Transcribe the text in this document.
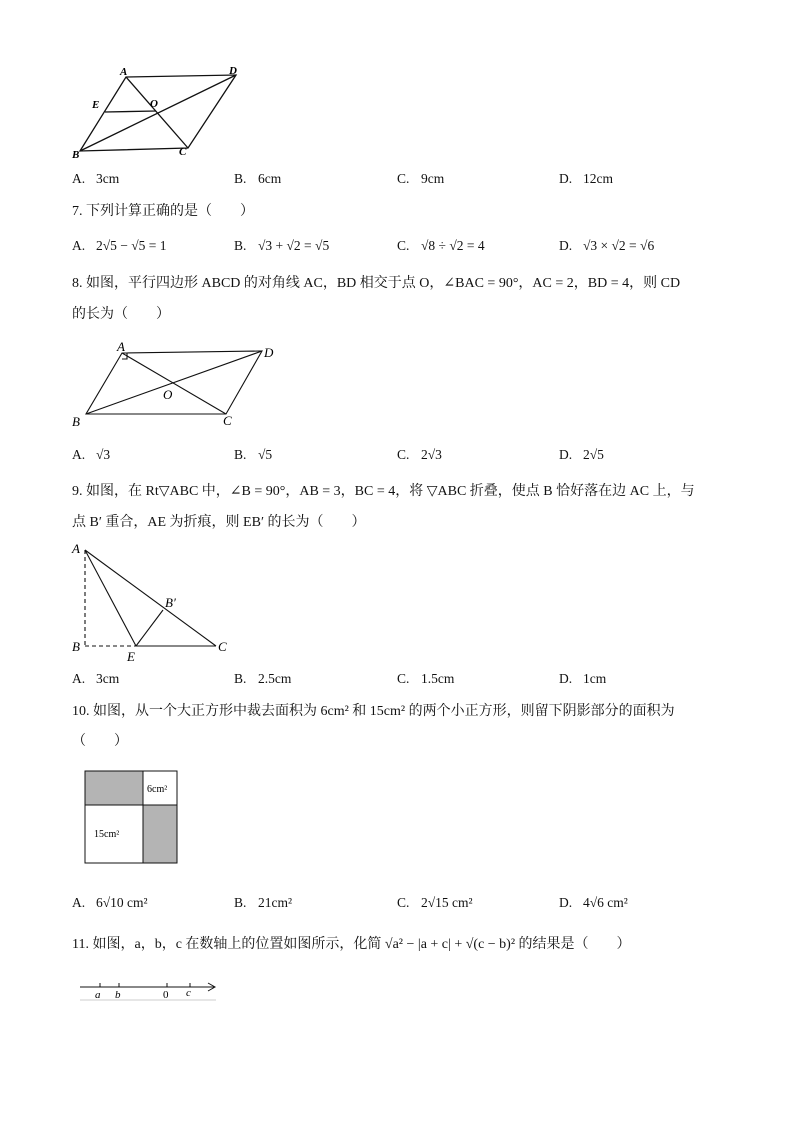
A	D
E	O
B	C
A. 3cm	B. 6cm	C. 9cm	D. 12cm
7. 下列计算正确的是（　　）
A. 2√5 − √5 = 1	B. √3 + √2 = √5	C. √8 ÷ √2 = 4	D. √3 × √2 = √6
8. 如图，平行四边形 ABCD 的对角线 AC，BD 相交于点 O，∠BAC = 90°，AC = 2，BD = 4，则 CD
的长为（　　）
A	D
O
B	C
A. √3	B. √5	C. 2√3	D. 2√5
9. 如图，在 Rt▽ABC 中，∠B = 90°，AB = 3，BC = 4，将 ▽ABC 折叠，使点 B 恰好落在边 AC 上，与
点 B′ 重合，AE 为折痕，则 EB′ 的长为（　　）
A
B′
B
E
C
A. 3cm	B. 2.5cm	C. 1.5cm	D. 1cm
10. 如图，从一个大正方形中裁去面积为 6cm² 和 15cm² 的两个小正方形，则留下阴影部分的面积为
（　　）
6cm²
15cm²
A. 6√10 cm²	B. 21cm²	C. 2√15 cm²	D. 4√6 cm²
11. 如图，a，b，c 在数轴上的位置如图所示，化简 √a² − |a + c| + √(c − b)² 的结果是（　　）
a b	0 c
